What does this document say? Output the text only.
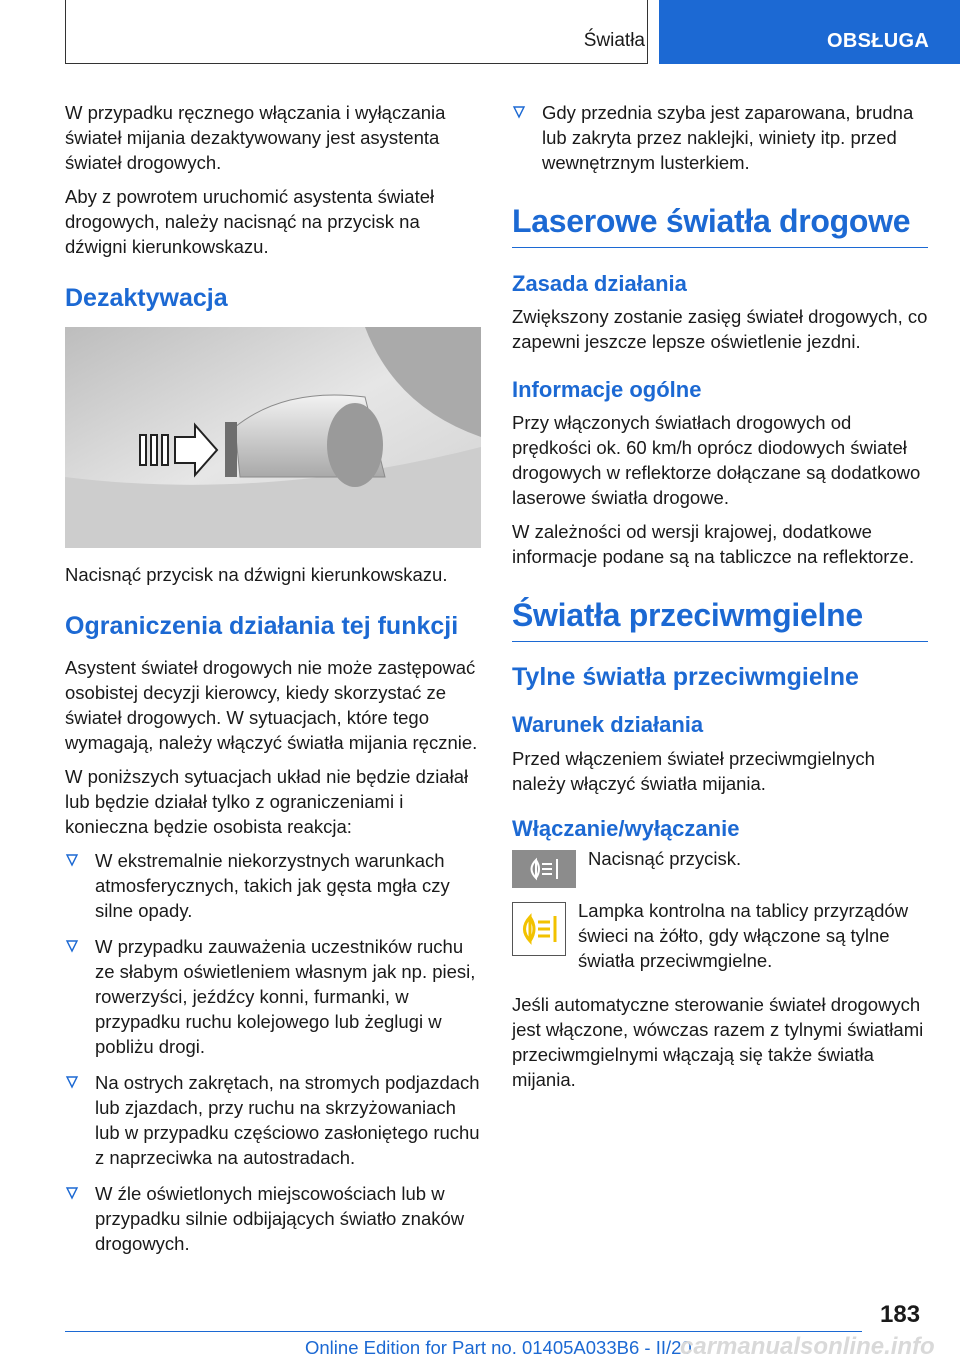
Światła	OBSŁUGA

W przypadku ręcznego włączania i wyłączania świateł mijania dezaktywowany jest asystenta świateł drogowych.

Aby z powrotem uruchomić asystenta świateł drogowych, należy nacisnąć na przycisk na dźwigni kierunkowskazu.

Dezaktywacja

Nacisnąć przycisk na dźwigni kierunkowskazu.

Ograniczenia działania tej funkcji

Asystent świateł drogowych nie może zastępować osobistej decyzji kierowcy, kiedy skorzystać ze świateł drogowych. W sytuacjach, które tego wymagają, należy włączyć światła mijania ręcznie.

W poniższych sytuacjach układ nie będzie działał lub będzie działał tylko z ograniczeniami i konieczna będzie osobista reakcja:

W ekstremalnie niekorzystnych warunkach atmosferycznych, takich jak gęsta mgła czy silne opady.
W przypadku zauważenia uczestników ruchu ze słabym oświetleniem własnym jak np. piesi, rowerzyści, jeźdźcy konni, furmanki, w przypadku ruchu kolejowego lub żeglugi w pobliżu drogi.
Na ostrych zakrętach, na stromych podjazdach lub zjazdach, przy ruchu na skrzyżowaniach lub w przypadku częściowo zasłoniętego ruchu z naprzeciwka na autostradach.
W źle oświetlonych miejscowościach lub w przypadku silnie odbijających światło znaków drogowych.
Gdy przednia szyba jest zaparowana, brudna lub zakryta przez naklejki, winiety itp. przed wewnętrznym lusterkiem.
Laserowe światła drogowe
Zasada działania

Zwiększony zostanie zasięg świateł drogowych, co zapewni jeszcze lepsze oświetlenie jezdni.

Informacje ogólne

Przy włączonych światłach drogowych od prędkości ok. 60 km/h oprócz diodowych świateł drogowych w reflektorze dołączane są dodatkowo laserowe światła drogowe.

W zależności od wersji krajowej, dodatkowe informacje podane są na tabliczce na reflektorze.

Światła przeciwmgielne
Tylne światła przeciwmgielne
Warunek działania

Przed włączeniem świateł przeciwmgielnych należy włączyć światła mijania.

Włączanie/wyłączanie

Nacisnąć przycisk.

Lampka kontrolna na tablicy przyrządów świeci na żółto, gdy włączone są tylne światła przeciwmgielne.

Jeśli automatyczne sterowanie świateł drogowych jest włączone, wówczas razem z tylnymi światłami przeciwmgielnymi włączają się także światła mijania.

183
Online Edition for Part no. 01405A033B6 - II/20
carmanualsonline.info
